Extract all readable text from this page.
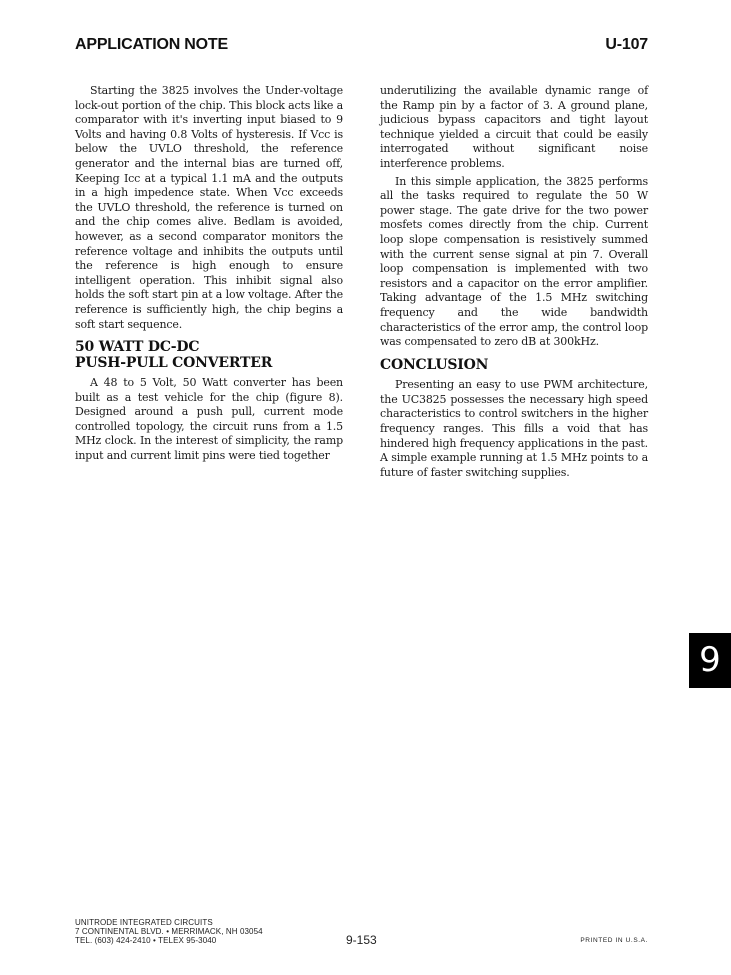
APPLICATION NOTE	U-107

Starting the 3825 involves the Under-voltage lock-out portion of the chip. This block acts like a comparator with it's inverting input biased to 9 Volts and having 0.8 Volts of hysteresis. If Vcc is below the UVLO threshold, the reference generator and the internal bias are turned off, Keeping Icc at a typical 1.1 mA and the outputs in a high impedence state. When Vcc exceeds the UVLO threshold, the reference is turned on and the chip comes alive. Bedlam is avoided, however, as a second comparator monitors the reference voltage and inhibits the outputs until the reference is high enough to ensure intelligent operation. This inhibit signal also holds the soft start pin at a low voltage. After the reference is sufficiently high, the chip begins a soft start sequence.

50 WATT DC-DC
PUSH-PULL CONVERTER

A 48 to 5 Volt, 50 Watt converter has been built as a test vehicle for the chip (figure 8). Designed around a push pull, current mode controlled topology, the circuit runs from a 1.5 MHz clock. In the interest of simplicity, the ramp input and current limit pins were tied together

underutilizing the available dynamic range of the Ramp pin by a factor of 3. A ground plane, judicious bypass capacitors and tight layout technique yielded a circuit that could be easily interrogated without significant noise interference problems.

In this simple application, the 3825 performs all the tasks required to regulate the 50 W power stage. The gate drive for the two power mosfets comes directly from the chip. Current loop slope compensation is resistively summed with the current sense signal at pin 7. Overall loop compensation is implemented with two resistors and a capacitor on the error amplifier. Taking advantage of the 1.5 MHz switching frequency and the wide bandwidth characteristics of the error amp, the control loop was compensated to zero dB at 300kHz.

CONCLUSION

Presenting an easy to use PWM architecture, the UC3825 possesses the necessary high speed characteristics to control switchers in the higher frequency ranges. This fills a void that has hindered high frequency applications in the past. A simple example running at 1.5 MHz points to a future of faster switching supplies.

9
UNITRODE INTEGRATED CIRCUITS
7 CONTINENTAL BLVD. • MERRIMACK, NH 03054
TEL. (603) 424-2410 • TELEX 95-3040	9-153	PRINTED IN U.S.A.
